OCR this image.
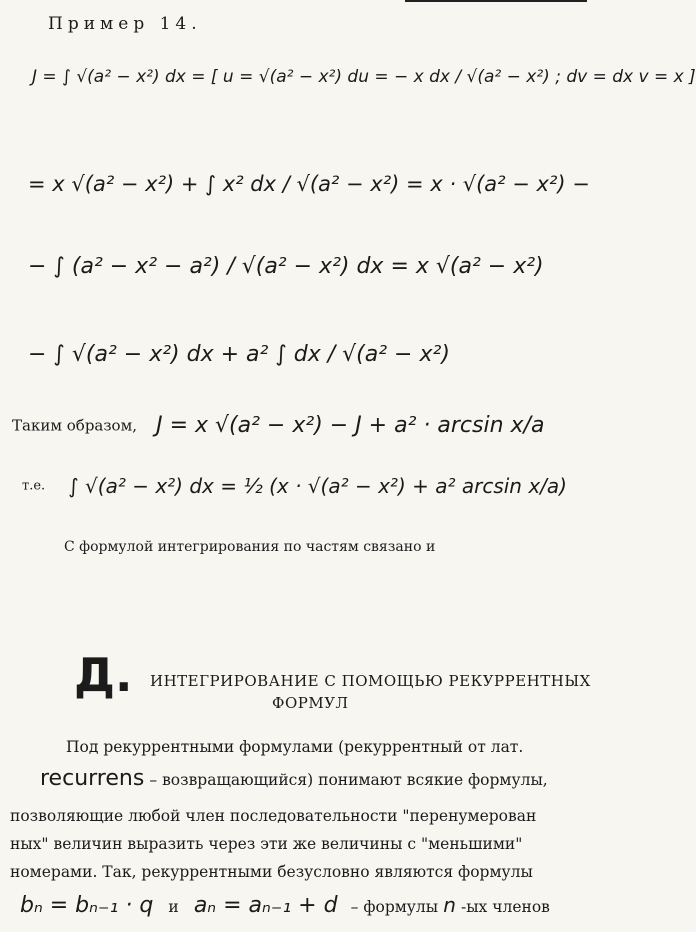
Пример 14.
J = ∫ √(a² − x²) dx = [ u = √(a² − x²) du = − x dx / √(a² − x²) ; dv = dx v = x ]
= x √(a² − x²) + ∫ x² dx / √(a² − x²) = x · √(a² − x²) −
− ∫ (a² − x² − a²) / √(a² − x²) dx = x √(a² − x²)
− ∫ √(a² − x²) dx + a² ∫ dx / √(a² − x²)
Таким образом, J = x √(a² − x²) − J + a² · arcsin x/a
т.е. ∫ √(a² − x²) dx = ½ (x · √(a² − x²) + a² arcsin x/a)
С формулой интегрирования по частям связано и
Д. ИНТЕГРИРОВАНИЕ С ПОМОЩЬЮ РЕКУРРЕНТНЫХ
ФОРМУЛ
Под рекуррентными формулами (рекуррентный от лат.
recurrens – возвращающийся) понимают всякие формулы,
позволяющие любой член последовательности "перенумерован
ных" величин выразить через эти же величины с "меньшими"
номерами. Так, рекуррентными безусловно являются формулы
bₙ = bₙ₋₁ · q и aₙ = aₙ₋₁ + d – формулы n -ых членов
